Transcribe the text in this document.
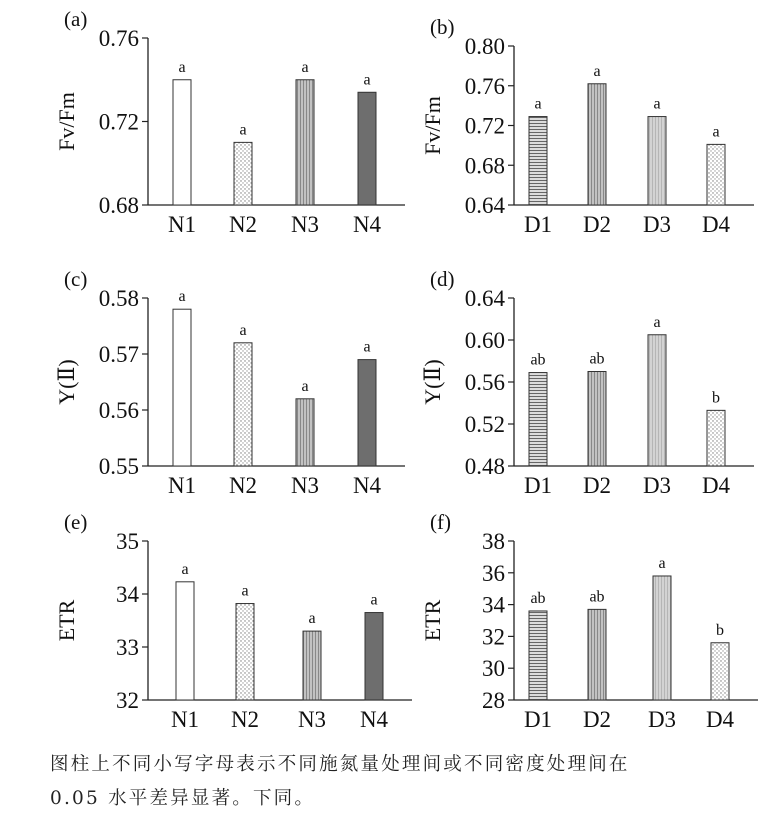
0.68
0.72
0.76
a
N1
a
N2
a
N3
a
N4
(a)
Fv/Fm
0.64
0.68
0.72
0.76
0.80
a
D1
a
D2
a
D3
a
D4
(b)
Fv/Fm
0.55
0.56
0.57
0.58 a
N1
a
N2
a
N3
a
N4
(c)
Y(Ⅱ)
0.48
0.52
0.56
0.60
0.64
ab
D1
ab
D2
a
D3
b
D4
(d)
Y(Ⅱ)
32
33
34
35
a
N1
a
N2
a
N3
a
N4
(e)
ETR
28
30
32
34
36
38
ab
D1
ab
D2
a
D3
b
D4
(f)
ETR
图柱上不同小写字母表示不同施氮量处理间或不同密度处理间在
0.05 水平差异显著。下同。
